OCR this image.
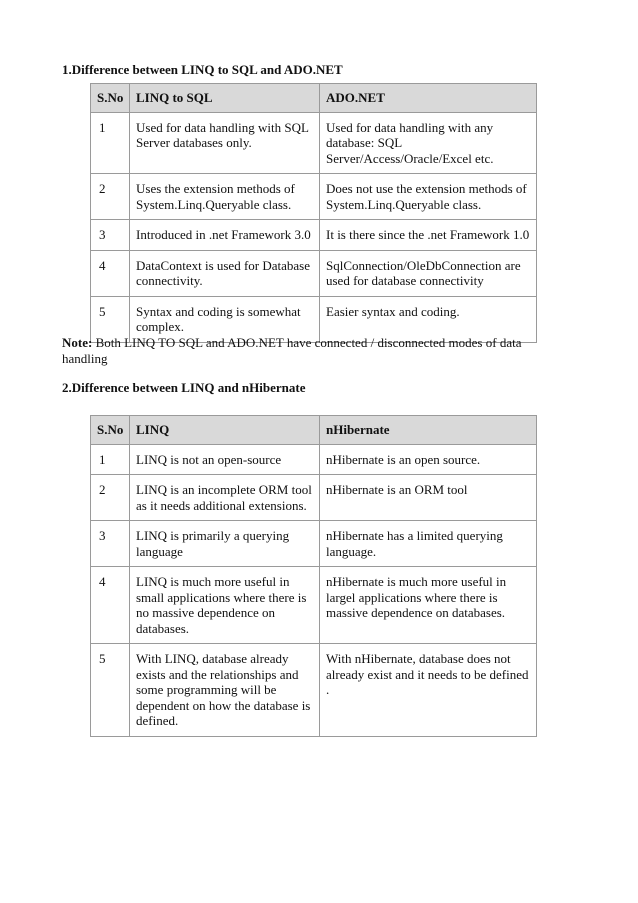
1.Difference between LINQ to SQL and ADO.NET
S.No	LINQ to SQL	ADO.NET
1	Used for data handling with SQL Server databases only.	Used for data handling with any database: SQL Server/Access/Oracle/Excel etc.
2	Uses the extension methods of System.Linq.Queryable class.	Does not use the extension methods of System.Linq.Queryable class.
3	Introduced in .net Framework 3.0	It is there since the .net Framework 1.0
4	DataContext is used for Database connectivity.	SqlConnection/OleDbConnection are used for database connectivity
5	Syntax and coding is somewhat complex.	Easier syntax and coding.

Note: Both LINQ TO SQL and ADO.NET have connected / disconnected modes of data handling

2.Difference between LINQ and nHibernate
S.No	LINQ	nHibernate
1	LINQ is not an open-source	nHibernate is an open source.
2	LINQ is an incomplete ORM tool as it needs additional extensions.	nHibernate is an ORM tool
3	LINQ is primarily a querying language	nHibernate has a limited querying language.
4	LINQ is much more useful in small applications where there is no massive dependence on databases.	nHibernate is much more useful in largel applications where there is massive dependence on databases.
5	With LINQ, database already exists and the relationships and some programming will be dependent on how the database is defined.	With nHibernate, database does not already exist and it needs to be defined .
